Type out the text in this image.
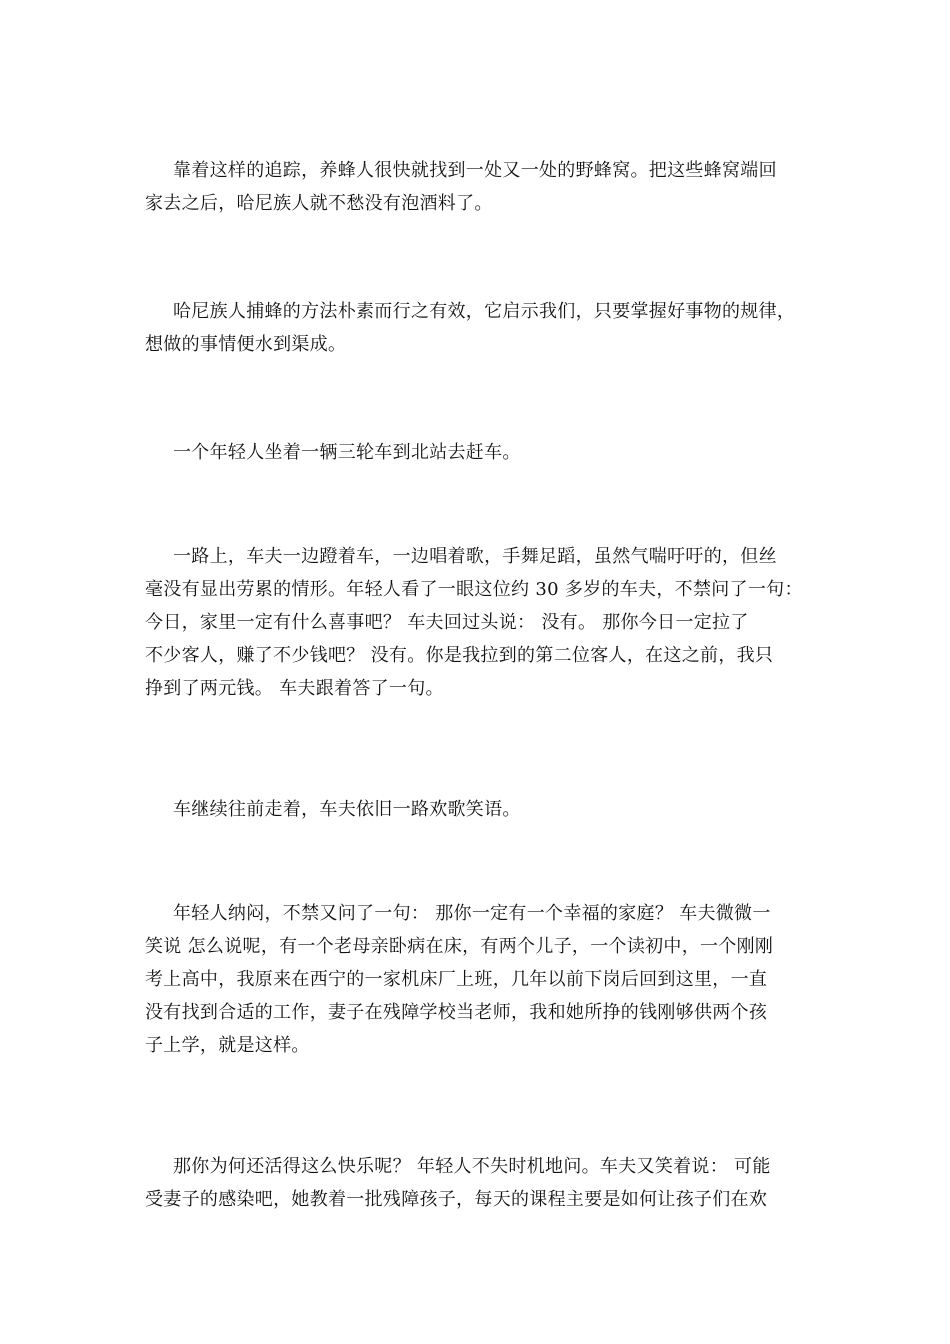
靠着这样的追踪，养蜂人很快就找到一处又一处的野蜂窝。把这些蜂窝端回
家去之后，哈尼族人就不愁没有泡酒料了。

哈尼族人捕蜂的方法朴素而行之有效，它启示我们，只要掌握好事物的规律，
想做的事情便水到渠成。

一个年轻人坐着一辆三轮车到北站去赶车。

一路上，车夫一边蹬着车，一边唱着歌，手舞足蹈，虽然气喘吁吁的，但丝
毫没有显出劳累的情形。年轻人看了一眼这位约 30 多岁的车夫，不禁问了一句：
今日，家里一定有什么喜事吧？ 车夫回过头说： 没有。 那你今日一定拉了
不少客人，赚了不少钱吧？ 没有。你是我拉到的第二位客人，在这之前，我只
挣到了两元钱。 车夫跟着答了一句。

车继续往前走着，车夫依旧一路欢歌笑语。

年轻人纳闷，不禁又问了一句： 那你一定有一个幸福的家庭？ 车夫微微一
笑说 怎么说呢，有一个老母亲卧病在床，有两个儿子，一个读初中，一个刚刚
考上高中，我原来在西宁的一家机床厂上班，几年以前下岗后回到这里，一直
没有找到合适的工作，妻子在残障学校当老师，我和她所挣的钱刚够供两个孩
子上学，就是这样。

那你为何还活得这么快乐呢？ 年轻人不失时机地问。车夫又笑着说： 可能
受妻子的感染吧，她教着一批残障孩子，每天的课程主要是如何让孩子们在欢
